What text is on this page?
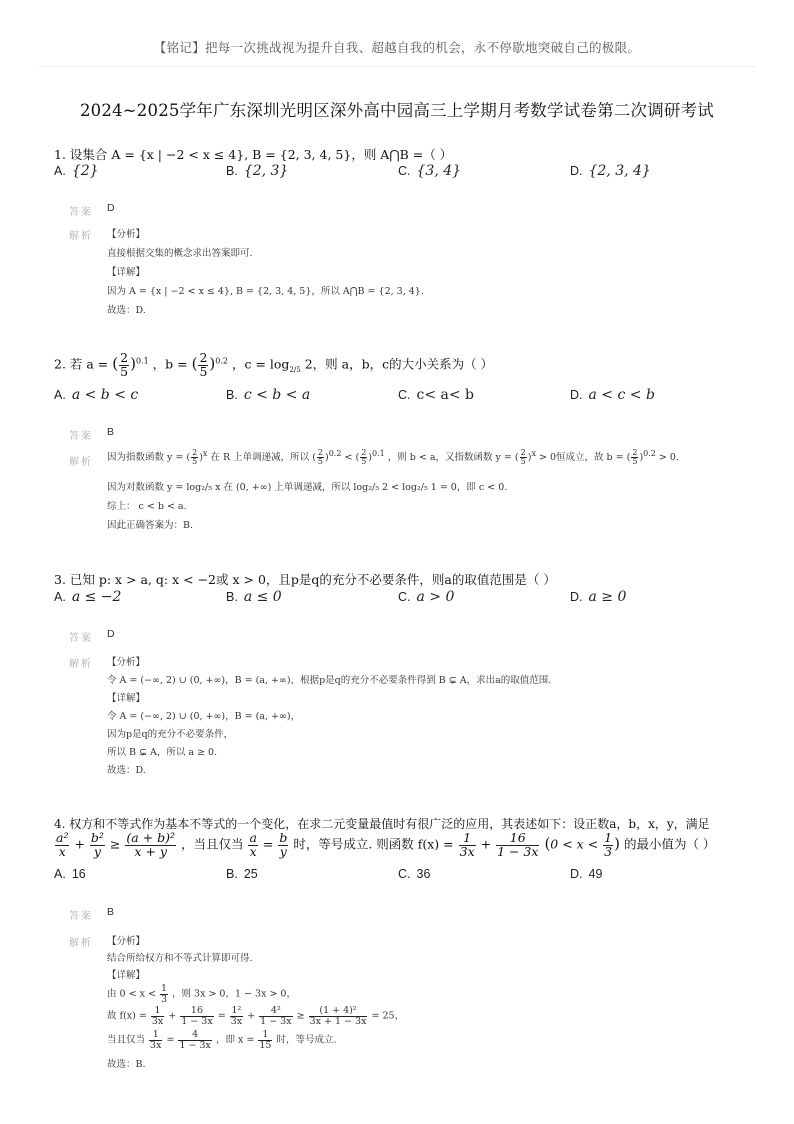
【铭记】把每一次挑战视为提升自我、超越自我的机会，永不停歇地突破自己的极限。
2024~2025学年广东深圳光明区深外高中园高三上学期月考数学试卷第二次调研考试
1. 设集合 A = {x | −2 < x ≤ 4}, B = {2, 3, 4, 5}，则 A⋂B =（ ）
A. {2}	B. {2, 3}	C. {3, 4}	D. {2, 3, 4}
答案 D
解析 【分析】
直接根据交集的概念求出答案即可.
【详解】
因为 A = {x | −2 < x ≤ 4}, B = {2, 3, 4, 5}，所以 A⋂B = {2, 3, 4}.
故选：D.
2. 若 a = ( $\frac{2}{5} )^{0.1}$ ，b = ( $\frac{2}{5} )^{0.2}$ ，$c = \log_{2/5} 2$，则 a，b，c的大小关系为（ ）
A. a < b < c	B. c < b < a	C. c< a< b	D. a < c < b
答案 B
解析 因为指数函数 y = ( $\frac{2}{5} )^x$ 在 R 上单调递减，所以 ( $\frac{2}{5} )^{0.2}$ < ( $\frac{2}{5} )^{0.1}$ ，则 b < a，又指数函数 y = ( $\frac{2}{5} )^x > 0$恒成立，故 b = ( $\frac{2}{5} )^{0.2} > 0$.
因为对数函数 y = log₂/₅ x 在 (0, +∞) 上单调递减，所以 log₂/₅ 2 < log₂/₅ 1 = 0，即 c < 0.
综上： c < b < a.
因此正确答案为：B.
3. 已知 p: x > a, q: x < −2或 x > 0，且p是q的充分不必要条件，则a的取值范围是（ ）
A. a ≤ −2	B. a ≤ 0	C. a > 0	D. a ≥ 0
答案 D
解析 【分析】
令 A = (−∞, 2) ∪ (0, +∞)，B = (a, +∞)，根据p是q的充分不必要条件得到 B ⊊ A，求出a的取值范围.
【详解】
令 A = (−∞, 2) ∪ (0, +∞)，B = (a, +∞)，
因为p是q的充分不必要条件，
所以 B ⊊ A，所以 a ≥ 0.
故选：D.
4. 权方和不等式作为基本不等式的一个变化，在求二元变量最值时有很广泛的应用，其表述如下：设正数a，b，x，y，满足
$\frac{\text{a²}}{x} + \frac{\text{b²}}{y} \ge \frac{\text{(a + b)²}}{x + y}$ ，当且仅当 $\frac{a}{x} = \frac{b}{y}$ 时，等号成立. 则函数 $f(x) = \frac{1}{3x} + \frac{16}{1 - 3x} (0 < x < \frac{1}{3}$ ) 的最小值为（ ）
A. 16	B. 25	C. 36	D. 49
答案 B
解析 【分析】
结合所给权方和不等式计算即可得.
【详解】
由 $0 < x < \frac{1}{3}$ ，则 3x > 0，1 − 3x > 0，
故 $f(x) = \frac{1}{3x} + \frac{16}{1 - 3x} = \frac{\text{1²}}{3x} + \frac{\text{4²}}{1 - 3x} \ge \frac{\text{(1 + 4)²}}{3x + 1 - 3x} = 25$，
当且仅当 $\frac{1}{3x} = \frac{4}{1 - 3x}$ ，即 $x = \frac{1}{15}$ 时，等号成立.
故选：B.
